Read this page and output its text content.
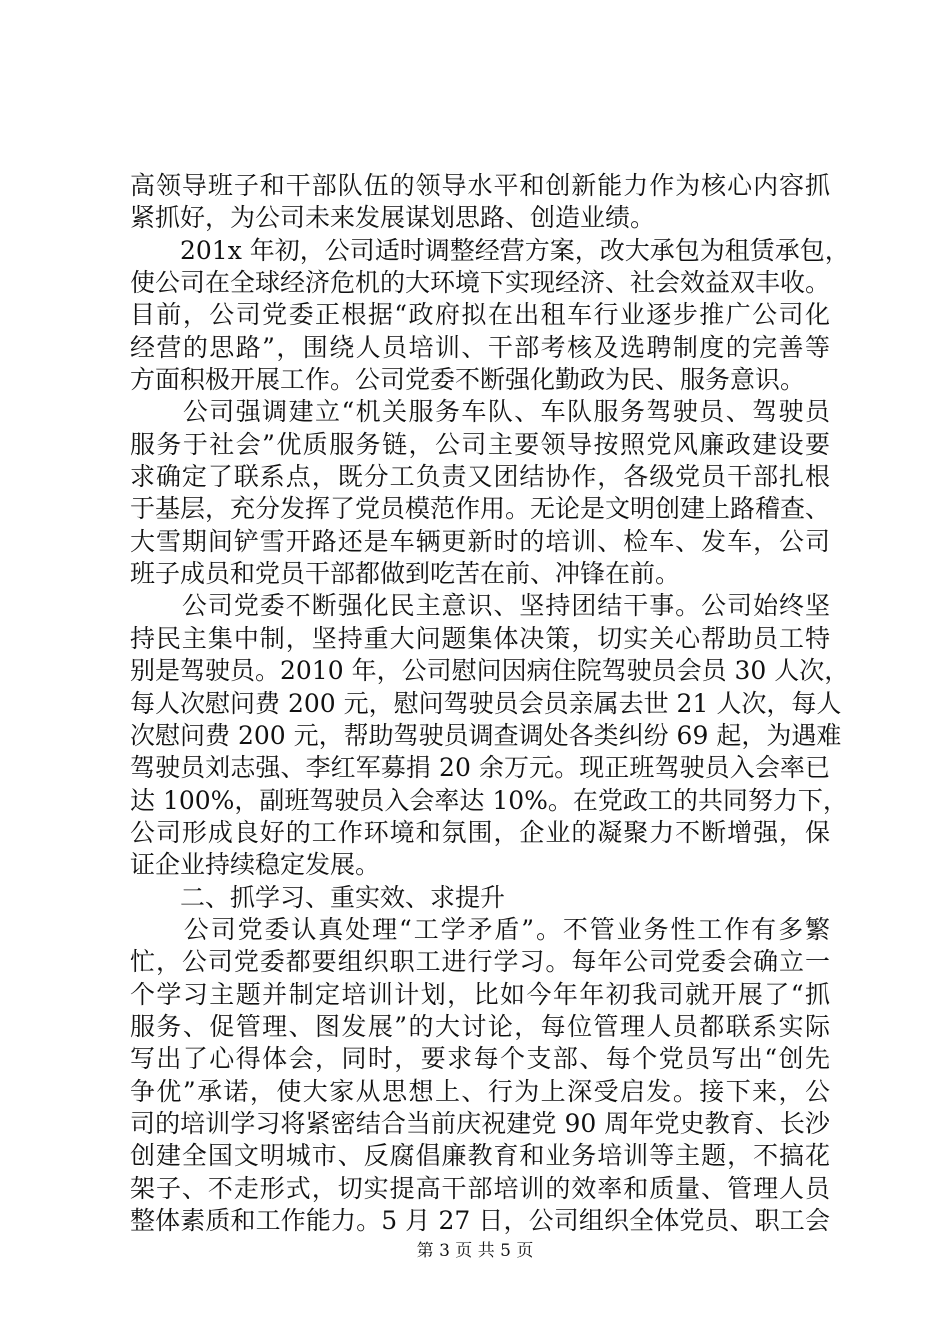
高领导班子和干部队伍的领导水平和创新能力作为核心内容抓
紧抓好，为公司未来发展谋划思路、创造业绩。
　　201x 年初，公司适时调整经营方案，改大承包为租赁承包，
使公司在全球经济危机的大环境下实现经济、社会效益双丰收。
目前，公司党委正根据“政府拟在出租车行业逐步推广公司化
经营的思路”，围绕人员培训、干部考核及选聘制度的完善等
方面积极开展工作。公司党委不断强化勤政为民、服务意识。
　　公司强调建立“机关服务车队、车队服务驾驶员、驾驶员
服务于社会”优质服务链，公司主要领导按照党风廉政建设要
求确定了联系点，既分工负责又团结协作，各级党员干部扎根
于基层，充分发挥了党员模范作用。无论是文明创建上路稽查、
大雪期间铲雪开路还是车辆更新时的培训、检车、发车，公司
班子成员和党员干部都做到吃苦在前、冲锋在前。
　　公司党委不断强化民主意识、坚持团结干事。公司始终坚
持民主集中制，坚持重大问题集体决策，切实关心帮助员工特
别是驾驶员。2010 年，公司慰问因病住院驾驶员会员 30 人次，
每人次慰问费 200 元，慰问驾驶员会员亲属去世 21 人次，每人
次慰问费 200 元，帮助驾驶员调查调处各类纠纷 69 起，为遇难
驾驶员刘志强、李红军募捐 20 余万元。现正班驾驶员入会率已
达 100%，副班驾驶员入会率达 10%。在党政工的共同努力下，
公司形成良好的工作环境和氛围，企业的凝聚力不断增强，保
证企业持续稳定发展。
　　二、抓学习、重实效、求提升
　　公司党委认真处理“工学矛盾”。不管业务性工作有多繁
忙，公司党委都要组织职工进行学习。每年公司党委会确立一
个学习主题并制定培训计划，比如今年年初我司就开展了“抓
服务、促管理、图发展”的大讨论，每位管理人员都联系实际
写出了心得体会，同时，要求每个支部、每个党员写出“创先
争优”承诺，使大家从思想上、行为上深受启发。接下来，公
司的培训学习将紧密结合当前庆祝建党 90 周年党史教育、长沙
创建全国文明城市、反腐倡廉教育和业务培训等主题，不搞花
架子、不走形式，切实提高干部培训的效率和质量、管理人员
整体素质和工作能力。5 月 27 日，公司组织全体党员、职工会
第 3 页 共 5 页
